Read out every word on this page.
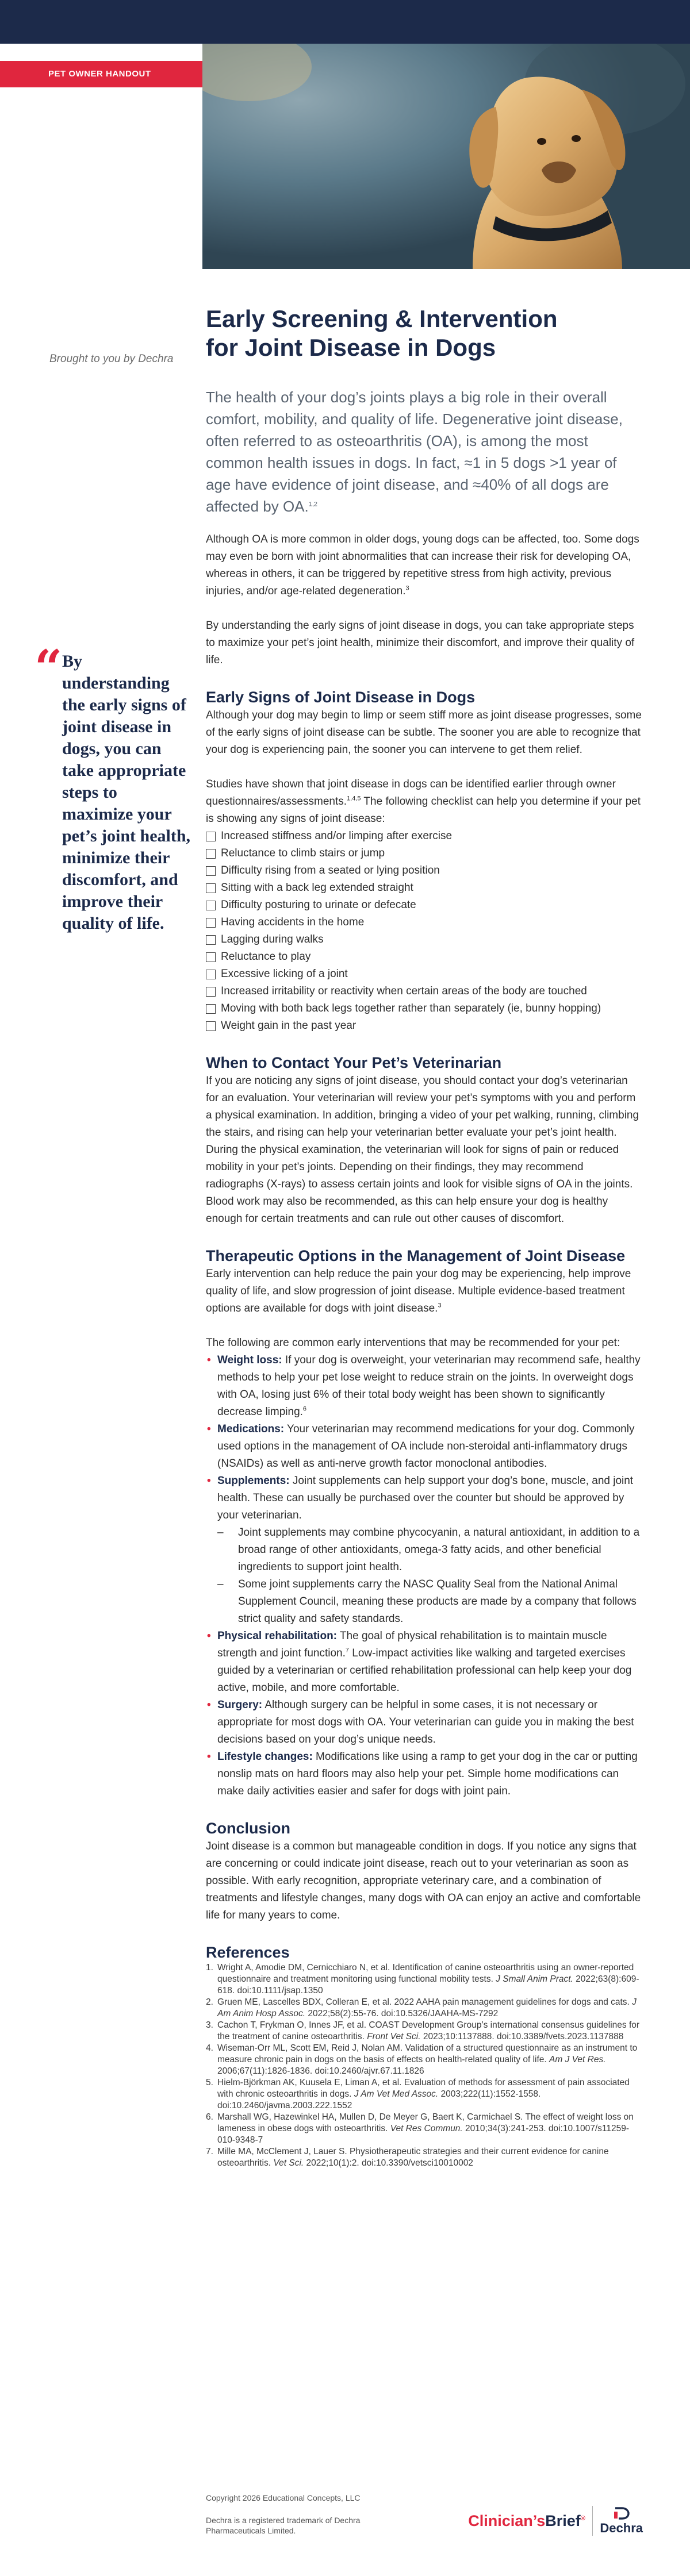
PET OWNER HANDOUT
Brought to you by Dechra
“ By understanding the early signs of joint disease in dogs, you can take appropriate steps to maximize your pet’s joint health, minimize their discomfort, and improve their quality of life.
Early Screening & Intervention
for Joint Disease in Dogs

The health of your dog’s joints plays a big role in their overall comfort, mobility, and quality of life. Degenerative joint disease, often referred to as osteoarthritis (OA), is among the most common health issues in dogs. In fact, ≈1 in 5 dogs >1 year of age have evidence of joint disease, and ≈40% of all dogs are affected by OA.$^{1,2}$

Although OA is more common in older dogs, young dogs can be affected, too. Some dogs may even be born with joint abnormalities that can increase their risk for developing OA, whereas in others, it can be triggered by repetitive stress from high activity, previous injuries, and/or age-related degeneration.$^3$

By understanding the early signs of joint disease in dogs, you can take appropriate steps to maximize your pet’s joint health, minimize their discomfort, and improve their quality of life.

Early Signs of Joint Disease in Dogs

Although your dog may begin to limp or seem stiff more as joint disease progresses, some of the early signs of joint disease can be subtle. The sooner you are able to recognize that your dog is experiencing pain, the sooner you can intervene to get them relief.

Studies have shown that joint disease in dogs can be identified earlier through owner questionnaires/assessments.$^{1,4,5}$ The following checklist can help you determine if your pet is showing any signs of joint disease:

Increased stiffness and/or limping after exercise
Reluctance to climb stairs or jump
Difficulty rising from a seated or lying position
Sitting with a back leg extended straight
Difficulty posturing to urinate or defecate
Having accidents in the home
Lagging during walks
Reluctance to play
Excessive licking of a joint
Increased irritability or reactivity when certain areas of the body are touched
Moving with both back legs together rather than separately (ie, bunny hopping)
Weight gain in the past year
When to Contact Your Pet’s Veterinarian

If you are noticing any signs of joint disease, you should contact your dog’s veterinarian for an evaluation. Your veterinarian will review your pet’s symptoms with you and perform a physical examination. In addition, bringing a video of your pet walking, running, climbing the stairs, and rising can help your veterinarian better evaluate your pet’s joint health. During the physical examination, the veterinarian will look for signs of pain or reduced mobility in your pet’s joints. Depending on their findings, they may recommend radiographs (X-rays) to assess certain joints and look for visible signs of OA in the joints. Blood work may also be recommended, as this can help ensure your dog is healthy enough for certain treatments and can rule out other causes of discomfort.

Therapeutic Options in the Management of Joint Disease

Early intervention can help reduce the pain your dog may be experiencing, help improve quality of life, and slow progression of joint disease. Multiple evidence-based treatment options are available for dogs with joint disease.$^3$

The following are common early interventions that may be recommended for your pet:

• Weight loss: If your dog is overweight, your veterinarian may recommend safe, healthy methods to help your pet lose weight to reduce strain on the joints. In overweight dogs with OA, losing just 6% of their total body weight has been shown to significantly decrease limping.$^6$
• Medications: Your veterinarian may recommend medications for your dog. Commonly used options in the management of OA include non-steroidal anti-inflammatory drugs (NSAIDs) as well as anti-nerve growth factor monoclonal antibodies.
• Supplements: Joint supplements can help support your dog’s bone, muscle, and joint health. These can usually be purchased over the counter but should be approved by your veterinarian.
– Joint supplements may combine phycocyanin, a natural antioxidant, in addition to a broad range of other antioxidants, omega-3 fatty acids, and other beneficial ingredients to support joint health.
– Some joint supplements carry the NASC Quality Seal from the National Animal Supplement Council, meaning these products are made by a company that follows strict quality and safety standards.
• Physical rehabilitation: The goal of physical rehabilitation is to maintain muscle strength and joint function.$^7$ Low-impact activities like walking and targeted exercises guided by a veterinarian or certified rehabilitation professional can help keep your dog active, mobile, and more comfortable.
• Surgery: Although surgery can be helpful in some cases, it is not necessary or appropriate for most dogs with OA. Your veterinarian can guide you in making the best decisions based on your dog’s unique needs.
• Lifestyle changes: Modifications like using a ramp to get your dog in the car or putting nonslip mats on hard floors may also help your pet. Simple home modifications can make daily activities easier and safer for dogs with joint pain.
Conclusion

Joint disease is a common but manageable condition in dogs. If you notice any signs that are concerning or could indicate joint disease, reach out to your veterinarian as soon as possible. With early recognition, appropriate veterinary care, and a combination of treatments and lifestyle changes, many dogs with OA can enjoy an active and comfortable life for many years to come.

References
1. Wright A, Amodie DM, Cernicchiaro N, et al. Identification of canine osteoarthritis using an owner-reported questionnaire and treatment monitoring using functional mobility tests. J Small Anim Pract. 2022;63(8):609-618. doi:10.1111/jsap.1350
2. Gruen ME, Lascelles BDX, Colleran E, et al. 2022 AAHA pain management guidelines for dogs and cats. J Am Anim Hosp Assoc. 2022;58(2):55-76. doi:10.5326/JAAHA-MS-7292
3. Cachon T, Frykman O, Innes JF, et al. COAST Development Group’s international consensus guidelines for the treatment of canine osteoarthritis. Front Vet Sci. 2023;10:1137888. doi:10.3389/fvets.2023.1137888
4. Wiseman-Orr ML, Scott EM, Reid J, Nolan AM. Validation of a structured questionnaire as an instrument to measure chronic pain in dogs on the basis of effects on health-related quality of life. Am J Vet Res. 2006;67(11):1826-1836. doi:10.2460/ajvr.67.11.1826
5. Hielm-Björkman AK, Kuusela E, Liman A, et al. Evaluation of methods for assessment of pain associated with chronic osteoarthritis in dogs. J Am Vet Med Assoc. 2003;222(11):1552-1558. doi:10.2460/javma.2003.222.1552
6. Marshall WG, Hazewinkel HA, Mullen D, De Meyer G, Baert K, Carmichael S. The effect of weight loss on lameness in obese dogs with osteoarthritis. Vet Res Commun. 2010;34(3):241-253. doi:10.1007/s11259-010-9348-7
7. Mille MA, McClement J, Lauer S. Physiotherapeutic strategies and their current evidence for canine osteoarthritis. Vet Sci. 2022;10(1):2. doi:10.3390/vetsci10010002
Copyright 2026 Educational Concepts, LLC
Dechra is a registered trademark of Dechra Pharmaceuticals Limited.
Clinician’sBrief®
Dechra
